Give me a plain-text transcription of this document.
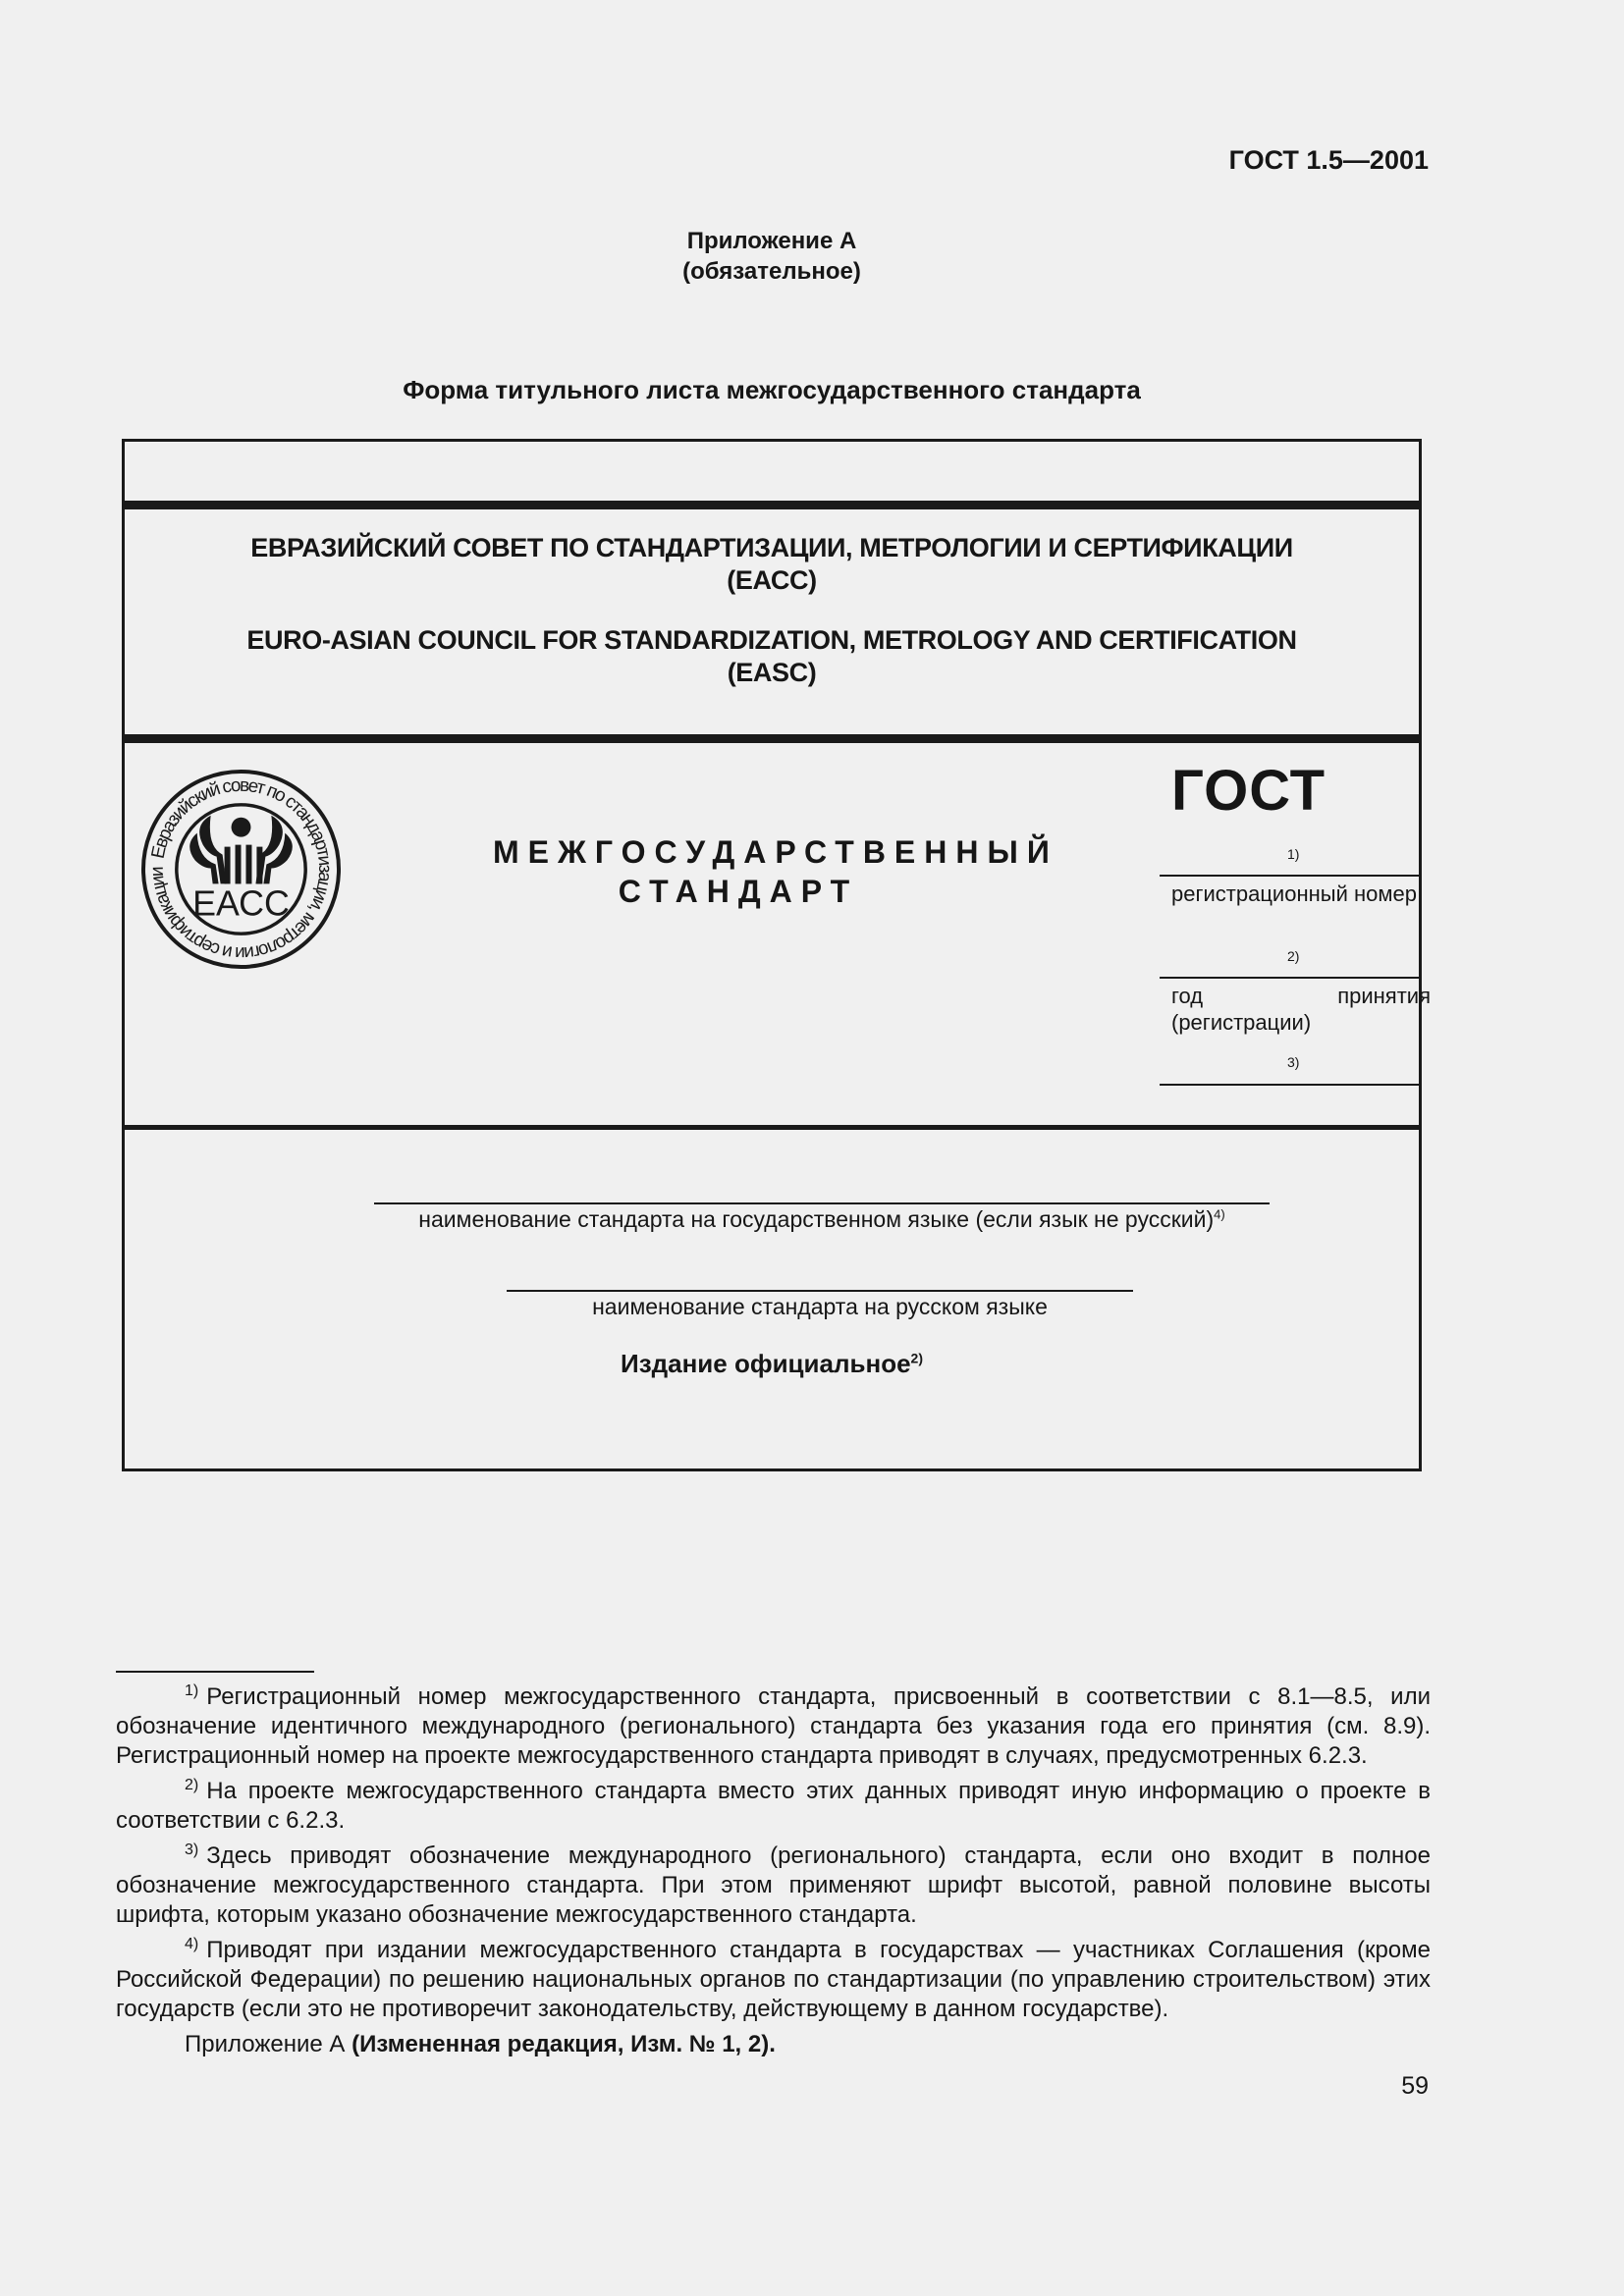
ГОСТ 1.5—2001
Приложение А
(обязательное)
Форма титульного листа межгосударственного стандарта
ЕВРАЗИЙСКИЙ СОВЕТ ПО СТАНДАРТИЗАЦИИ, МЕТРОЛОГИИ И СЕРТИФИКАЦИИ
(ЕАСС)
EURO-ASIAN COUNCIL FOR STANDARDIZATION, METROLOGY AND CERTIFICATION
(EASC)
Евразийский совет по стандартизации, метрологии и сертификации
ЕАСС
МЕЖГОСУДАРСТВЕННЫЙ
СТАНДАРТ
ГОСТ
1)
регистрационный номер
2)
год принятия (регистрации)
3)
наименование стандарта на государственном языке (если язык не русский)$^{4)}$
наименование стандарта на русском языке
Издание официальное$^{2)}$

$^{1)}$ Регистрационный номер межгосударственного стандарта, присвоенный в соответствии с 8.1—8.5, или обозначение идентичного международного (регионального) стандарта без указания года его принятия (см. 8.9). Регистрационный номер на проекте межгосударственного стандарта приводят в случаях, предусмотренных 6.2.3.

$^{2)}$ На проекте межгосударственного стандарта вместо этих данных приводят иную информацию о проекте в соответствии с 6.2.3.

$^{3)}$ Здесь приводят обозначение международного (регионального) стандарта, если оно входит в полное обозначение межгосударственного стандарта. При этом применяют шрифт высотой, равной половине высоты шрифта, которым указано обозначение межгосударственного стандарта.

$^{4)}$ Приводят при издании межгосударственного стандарта в государствах — участниках Соглашения (кроме Российской Федерации) по решению национальных органов по стандартизации (по управлению строительством) этих государств (если это не противоречит законодательству, действующему в данном государстве).

Приложение А (Измененная редакция, Изм. № 1, 2).
59
